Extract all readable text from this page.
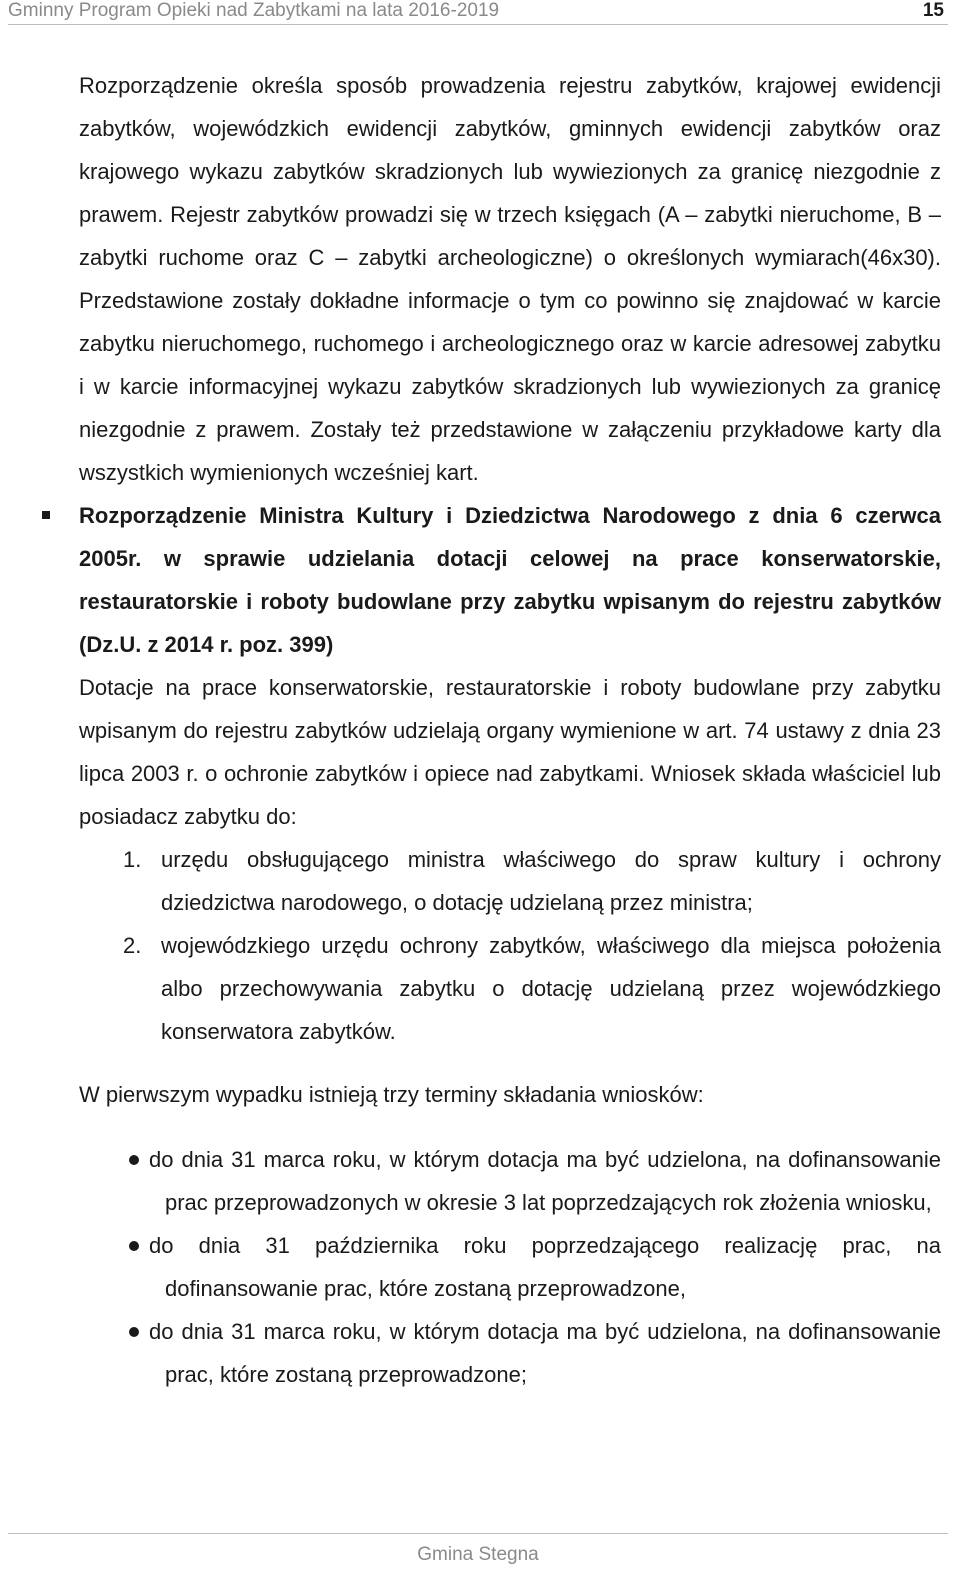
Gminny Program Opieki nad Zabytkami na lata 2016-2019	15

Rozporządzenie określa sposób prowadzenia rejestru zabytków, krajowej ewidencji zabytków, wojewódzkich ewidencji zabytków, gminnych ewidencji zabytków oraz krajowego wykazu zabytków skradzionych lub wywiezionych za granicę niezgodnie z prawem. Rejestr zabytków prowadzi się w trzech księgach (A – zabytki nieruchome, B – zabytki ruchome oraz C – zabytki archeologiczne) o określonych wymiarach(46x30). Przedstawione zostały dokładne informacje o tym co powinno się znajdować w karcie zabytku nieruchomego, ruchomego i archeologicznego oraz w karcie adresowej zabytku i w karcie informacyjnej wykazu zabytków skradzionych lub wywiezionych za granicę niezgodnie z prawem. Zostały też przedstawione w załączeniu przykładowe karty dla wszystkich wymienionych wcześniej kart.

Rozporządzenie Ministra Kultury i Dziedzictwa Narodowego z dnia 6 czerwca 2005r. w sprawie udzielania dotacji celowej na prace konserwatorskie, restauratorskie i roboty budowlane przy zabytku wpisanym do rejestru zabytków (Dz.U. z 2014 r. poz. 399)

Dotacje na prace konserwatorskie, restauratorskie i roboty budowlane przy zabytku wpisanym do rejestru zabytków udzielają organy wymienione w art. 74 ustawy z dnia 23 lipca 2003 r. o ochronie zabytków i opiece nad zabytkami. Wniosek składa właściciel lub posiadacz zabytku do:

1. urzędu obsługującego ministra właściwego do spraw kultury i ochrony dziedzictwa narodowego, o dotację udzielaną przez ministra;
2. wojewódzkiego urzędu ochrony zabytków, właściwego dla miejsca położenia albo przechowywania zabytku o dotację udzielaną przez wojewódzkiego konserwatora zabytków.

W pierwszym wypadku istnieją trzy terminy składania wniosków:

do dnia 31 marca roku, w którym dotacja ma być udzielona, na dofinansowanie prac przeprowadzonych w okresie 3 lat poprzedzających rok złożenia wniosku,
do dnia 31 października roku poprzedzającego realizację prac, na dofinansowanie prac, które zostaną przeprowadzone,
do dnia 31 marca roku, w którym dotacja ma być udzielona, na dofinansowanie prac, które zostaną przeprowadzone;
Gmina Stegna
